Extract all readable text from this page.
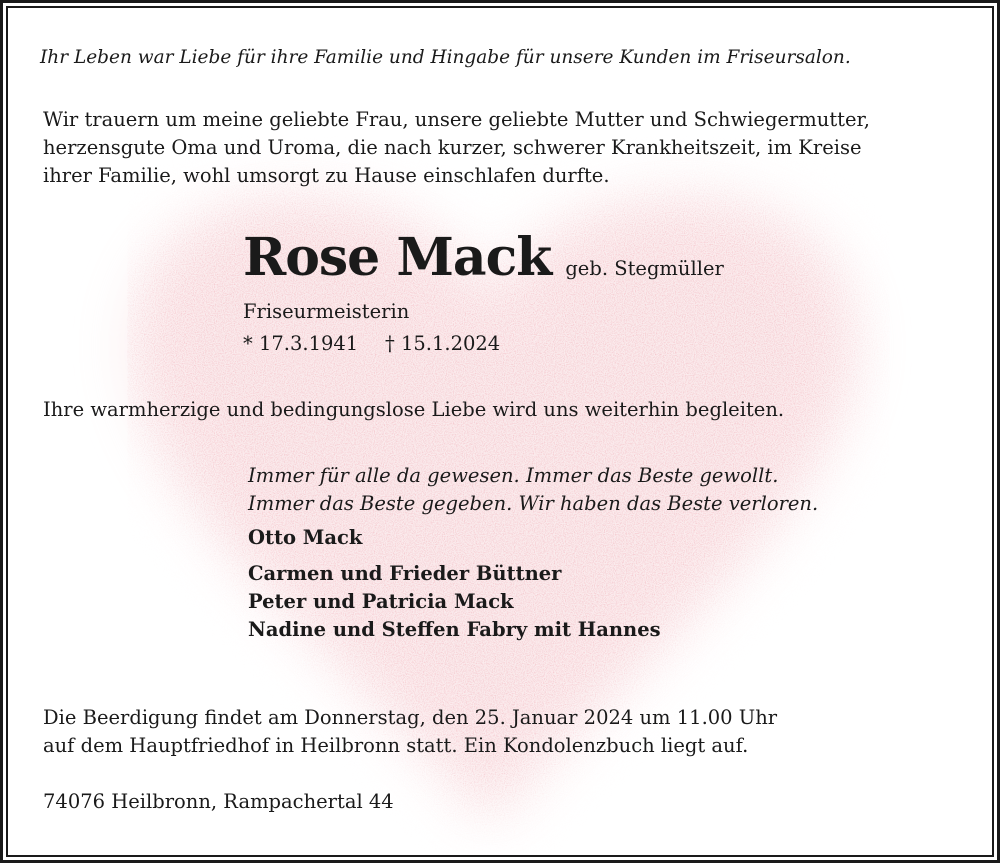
Ihr Leben war Liebe für ihre Familie und Hingabe für unsere Kunden im Friseursalon.
Wir trauern um meine geliebte Frau, unsere geliebte Mutter und Schwiegermutter,
herzensgute Oma und Uroma, die nach kurzer, schwerer Krankheitszeit, im Kreise
ihrer Familie, wohl umsorgt zu Hause einschlafen durfte.
Rose Mack geb. Stegmüller
Friseurmeisterin
* 17.3.1941 † 15.1.2024
Ihre warmherzige und bedingungslose Liebe wird uns weiterhin begleiten.
Immer für alle da gewesen. Immer das Beste gewollt.
Immer das Beste gegeben. Wir haben das Beste verloren.
Otto Mack
Carmen und Frieder Büttner
Peter und Patricia Mack
Nadine und Steffen Fabry mit Hannes
Die Beerdigung findet am Donnerstag, den 25. Januar 2024 um 11.00 Uhr
auf dem Hauptfriedhof in Heilbronn statt. Ein Kondolenzbuch liegt auf.
74076 Heilbronn, Rampachertal 44
